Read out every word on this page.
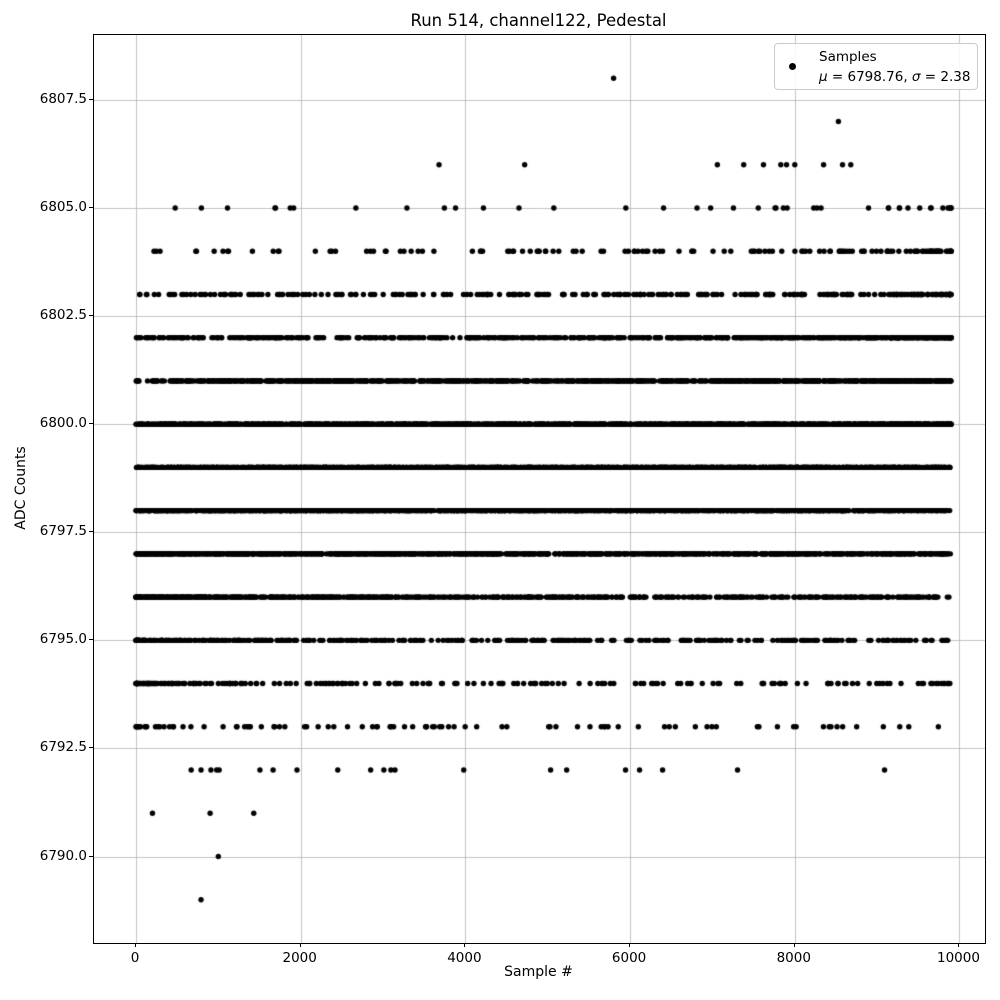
Run 514, channel122, Pedestal
Samples
μ = 6798.76, σ = 2.38
0	2000	4000	6000	8000	10000
6790.0
6792.5
6795.0
6797.5
6800.0
6802.5
6805.0
6807.5
Sample #
ADC Counts
